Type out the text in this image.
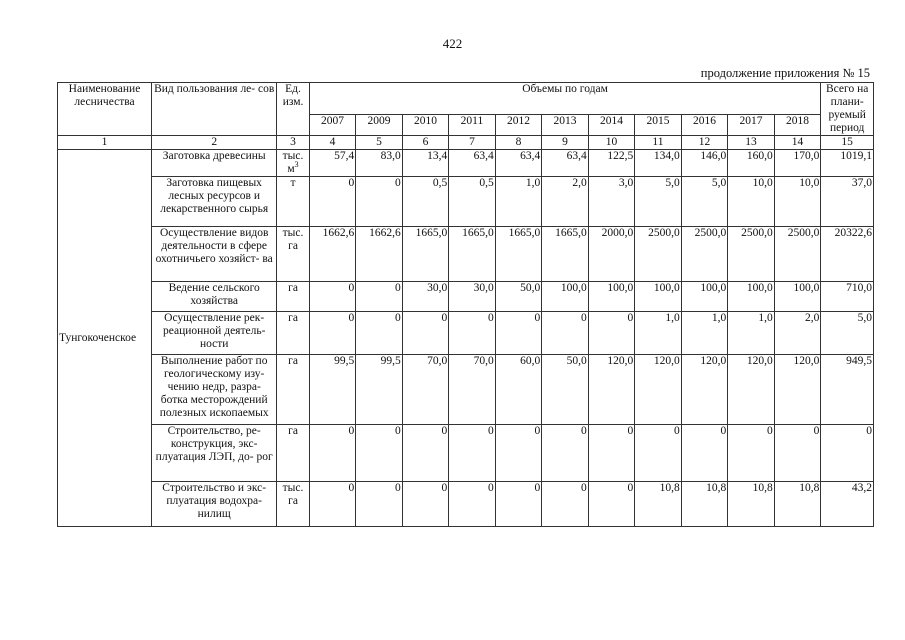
422
продолжение приложения № 15
Наименование лесничества	Вид пользования ле- сов	Ед. изм.	Объемы по годам											Всего на плани- руемый период
			2007	2009	2010	2011	2012	2013	2014	2015	2016	2017	2018	
1	2	3	4	5	6	7	8	9	10	11	12	13	14	15
Тунгокоченское	Заготовка древесины	тыс. $м^3$	57,4	83,0	13,4	63,4	63,4	63,4	122,5	134,0	146,0	160,0	170,0	1019,1
	Заготовка пищевых лесных ресурсов и лекарственного сырья	т	0	0	0,5	0,5	1,0	2,0	3,0	5,0	5,0	10,0	10,0	37,0
	Осуществление видов деятельности в сфере охотничьего хозяйст- ва	тыс. га	1662,6	1662,6	1665,0	1665,0	1665,0	1665,0	2000,0	2500,0	2500,0	2500,0	2500,0	20322,6
	Ведение сельского хозяйства	га	0	0	30,0	30,0	50,0	100,0	100,0	100,0	100,0	100,0	100,0	710,0
	Осуществление рек- реационной деятель- ности	га	0	0	0	0	0	0	0	1,0	1,0	1,0	2,0	5,0
	Выполнение работ по геологическому изу- чению недр, разра- ботка месторождений полезных ископаемых	га	99,5	99,5	70,0	70,0	60,0	50,0	120,0	120,0	120,0	120,0	120,0	949,5
	Строительство, ре- конструкция, экс- плуатация ЛЭП, до- рог	га	0	0	0	0	0	0	0	0	0	0	0	0
	Строительство и экс- плуатация водохра- нилищ	тыс. га	0	0	0	0	0	0	0	10,8	10,8	10,8	10,8	43,2
